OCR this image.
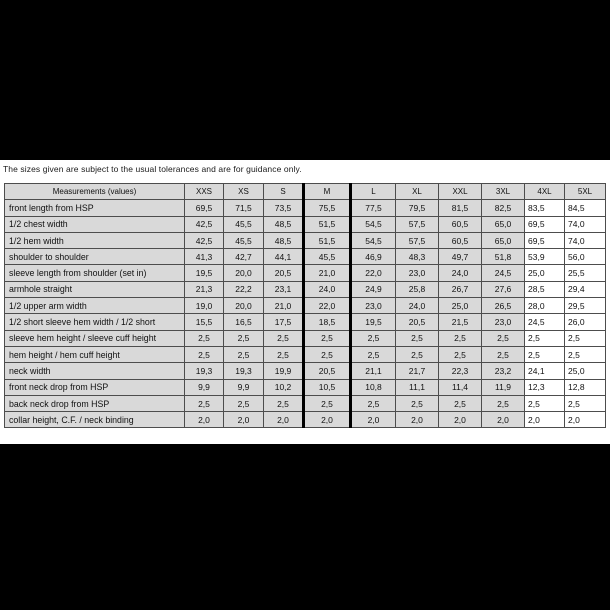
The sizes given are subject to the usual tolerances and are for guidance only.
Measurements (values)	XXS	XS	S	M	L	XL	XXL	3XL	4XL	5XL
front length from HSP	69,5	71,5	73,5	75,5	77,5	79,5	81,5	82,5	83,5	84,5
1/2 chest width	42,5	45,5	48,5	51,5	54,5	57,5	60,5	65,0	69,5	74,0
1/2 hem width	42,5	45,5	48,5	51,5	54,5	57,5	60,5	65,0	69,5	74,0
shoulder to shoulder	41,3	42,7	44,1	45,5	46,9	48,3	49,7	51,8	53,9	56,0
sleeve length from shoulder (set in)	19,5	20,0	20,5	21,0	22,0	23,0	24,0	24,5	25,0	25,5
armhole straight	21,3	22,2	23,1	24,0	24,9	25,8	26,7	27,6	28,5	29,4
1/2 upper arm width	19,0	20,0	21,0	22,0	23,0	24,0	25,0	26,5	28,0	29,5
1/2 short sleeve hem width / 1/2 short	15,5	16,5	17,5	18,5	19,5	20,5	21,5	23,0	24,5	26,0
sleeve hem height / sleeve cuff height	2,5	2,5	2,5	2,5	2,5	2,5	2,5	2,5	2,5	2,5
hem height / hem cuff height	2,5	2,5	2,5	2,5	2,5	2,5	2,5	2,5	2,5	2,5
neck width	19,3	19,3	19,9	20,5	21,1	21,7	22,3	23,2	24,1	25,0
front neck drop from HSP	9,9	9,9	10,2	10,5	10,8	11,1	11,4	11,9	12,3	12,8
back neck drop from HSP	2,5	2,5	2,5	2,5	2,5	2,5	2,5	2,5	2,5	2,5
collar height, C.F. / neck binding	2,0	2,0	2,0	2,0	2,0	2,0	2,0	2,0	2,0	2,0
